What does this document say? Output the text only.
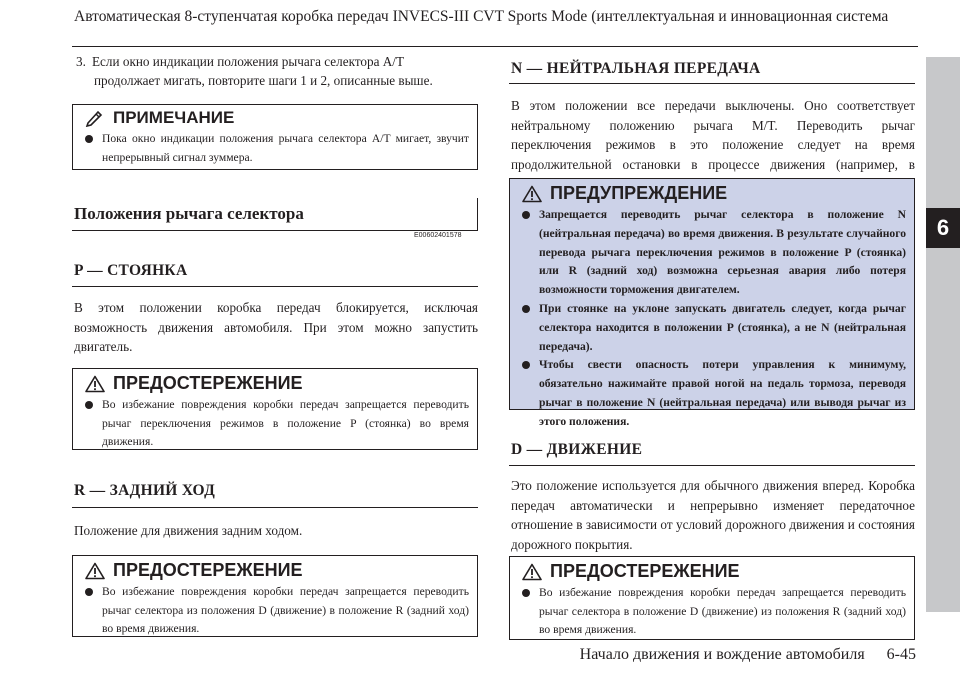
Автоматическая 8-ступенчатая коробка передач INVECS-III CVT Sports Mode (интеллектуальная и инновационная система
6
3. Если окно индикации положения рычага селектора A/T
продолжает мигать, повторите шаги 1 и 2, описанные выше.
ПРИМЕЧАНИЕ
Пока окно индикации положения рычага селектора A/T мигает, звучит непрерывный сигнал зуммера.
Положения рычага селектора
E00602401578
P — СТОЯНКА
В этом положении коробка передач блокируется, исключая возможность движения автомобиля. При этом можно запустить двигатель.
ПРЕДОСТЕРЕЖЕНИЕ
Во избежание повреждения коробки передач запрещается переводить рычаг переключения режимов в положение P (стоянка) во время движения.
R — ЗАДНИЙ ХОД
Положение для движения задним ходом.
ПРЕДОСТЕРЕЖЕНИЕ
Во избежание повреждения коробки передач запрещается переводить рычаг селектора из положения D (движение) в положение R (задний ход) во время движения.
N — НЕЙТРАЛЬНАЯ ПЕРЕДАЧА
В этом положении все передачи выключены. Оно соответствует нейтральному положению рычага M/T. Переводить рычаг переключения режимов в это положение следует на время продолжительной остановки в процессе движения (например, в
ПРЕДУПРЕЖДЕНИЕ
Запрещается переводить рычаг селектора в положение N (нейтральная передача) во время движения. В результате случайного перевода рычага переключения режимов в положение P (стоянка) или R (задний ход) возможна серьезная авария либо потеря возможности торможения двигателем.
При стоянке на уклоне запускать двигатель следует, когда рычаг селектора находится в положении P (стоянка), а не N (нейтральная передача).
Чтобы свести опасность потери управления к минимуму, обязательно нажимайте правой ногой на педаль тормоза, переводя рычаг в положение N (нейтральная передача) или выводя рычаг из этого положения.
D — ДВИЖЕНИЕ
Это положение используется для обычного движения вперед. Коробка передач автоматически и непрерывно изменяет передаточное отношение в зависимости от условий дорожного движения и состояния дорожного покрытия.
ПРЕДОСТЕРЕЖЕНИЕ
Во избежание повреждения коробки передач запрещается переводить рычаг селектора в положение D (движение) из положения R (задний ход) во время движения.
Начало движения и вождение автомобиля 6-45
